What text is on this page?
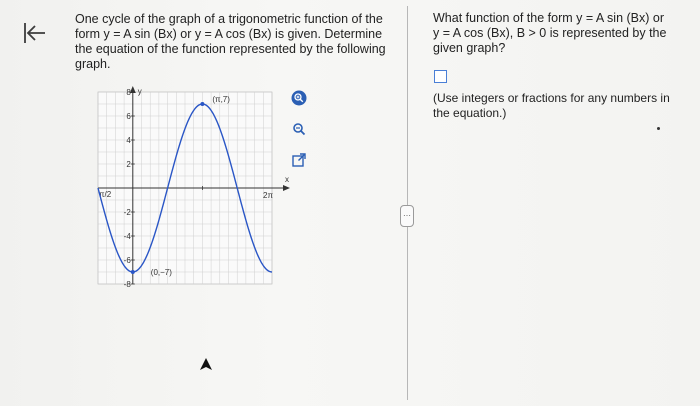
One cycle of the graph of a trigonometric function of the form y = A sin (Bx) or y = A cos (Bx) is given. Determine the equation of the function represented by the following graph.
y
x
8
6
4
2
-2
-4
-6
-8
π/2	2π
(π,7)
(0,−7)
⋯
What function of the form y = A sin (Bx) or y = A cos (Bx), B > 0 is represented by the given graph?
(Use integers or fractions for any numbers in the equation.)
